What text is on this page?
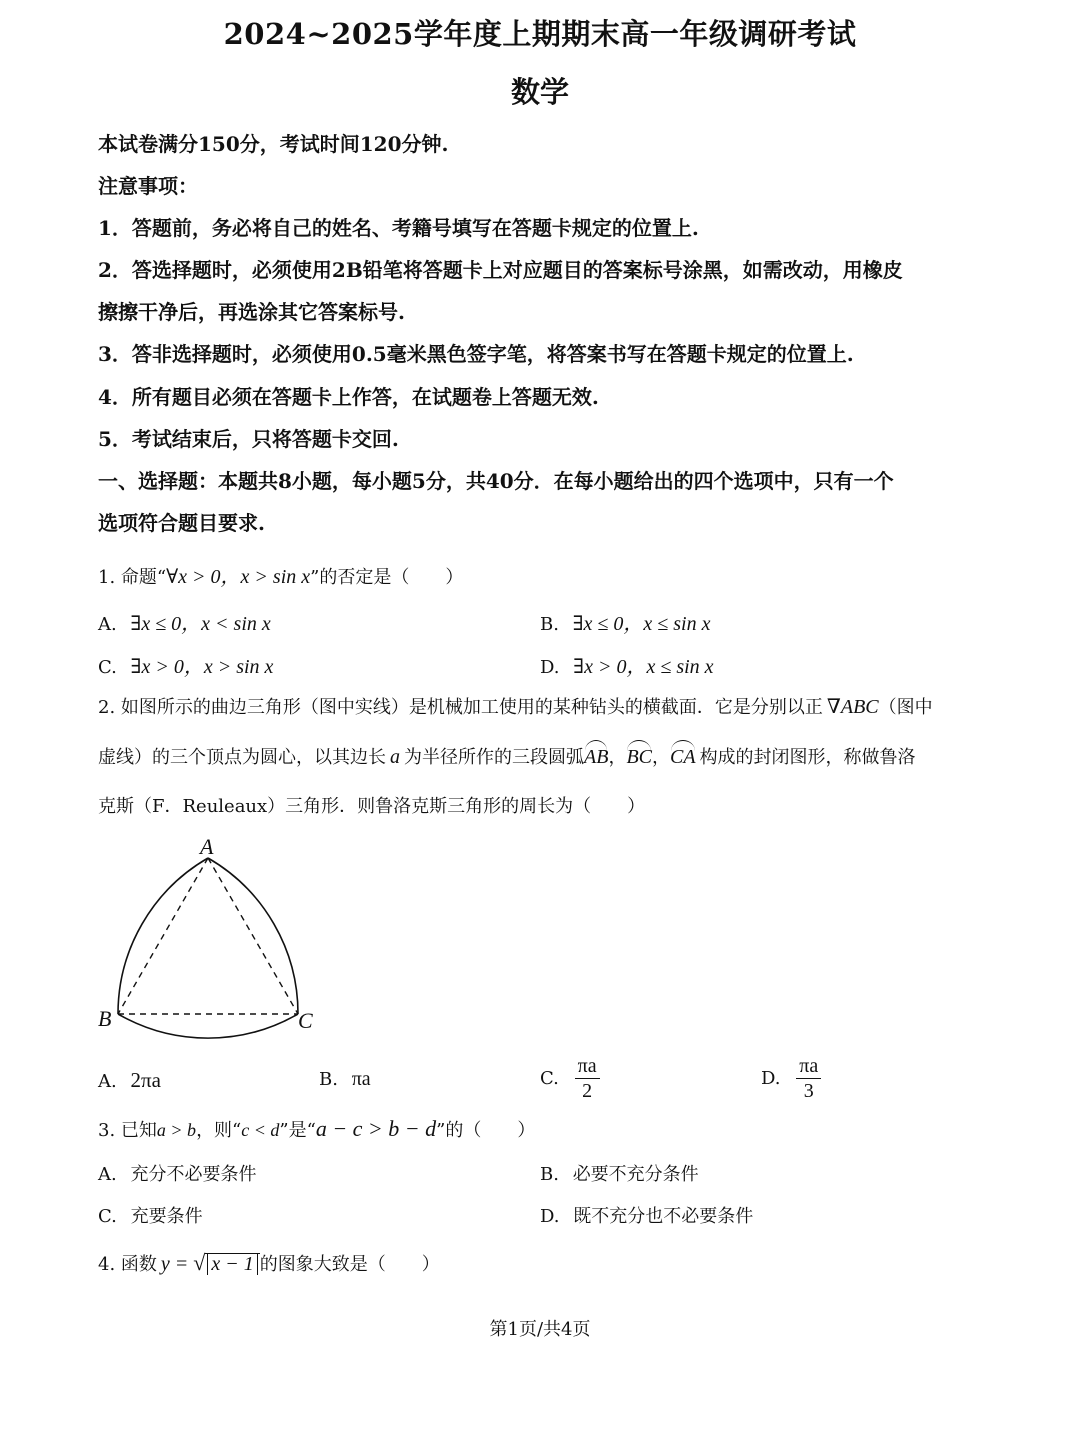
2024~2025学年度上期期末高一年级调研考试
数学
本试卷满分150分，考试时间120分钟.
注意事项：
1．答题前，务必将自己的姓名、考籍号填写在答题卡规定的位置上.
2．答选择题时，必须使用2B铅笔将答题卡上对应题目的答案标号涂黑，如需改动，用橡皮
擦擦干净后，再选涂其它答案标号.
3．答非选择题时，必须使用0.5毫米黑色签字笔，将答案书写在答题卡规定的位置上.
4．所有题目必须在答题卡上作答，在试题卷上答题无效.
5．考试结束后，只将答题卡交回.
一、选择题：本题共8小题，每小题5分，共40分．在每小题给出的四个选项中，只有一个
选项符合题目要求.
1. 命题“∀x > 0，x > sin x”的否定是（　　）
A. ∃x ≤ 0，x < sin x	B. ∃x ≤ 0，x ≤ sin x
C. ∃x > 0，x > sin x	D. ∃x > 0，x ≤ sin x
2. 如图所示的曲边三角形（图中实线）是机械加工使用的某种钻头的横截面．它是分别以正 ∇ABC（图中
虚线）的三个顶点为圆心，以其边长 a 为半径所作的三段圆弧
AB，
BC，
CA 构成的封闭图形，称做鲁洛
克斯（F．Reuleaux）三角形．则鲁洛克斯三角形的周长为（　　）
A
B	C
A. 2πa	B. πa	C. $\frac{\pi a}{2}$	D. $\frac{\pi a}{3}$
3. 已知a > b，则“c < d”是“a − c > b − d”的（　　）
A. 充分不必要条件	B. 必要不充分条件
C. 充要条件	D. 既不充分也不必要条件
4. 函数 y = √ x − 1 的图象大致是（　　）
第1页/共4页
